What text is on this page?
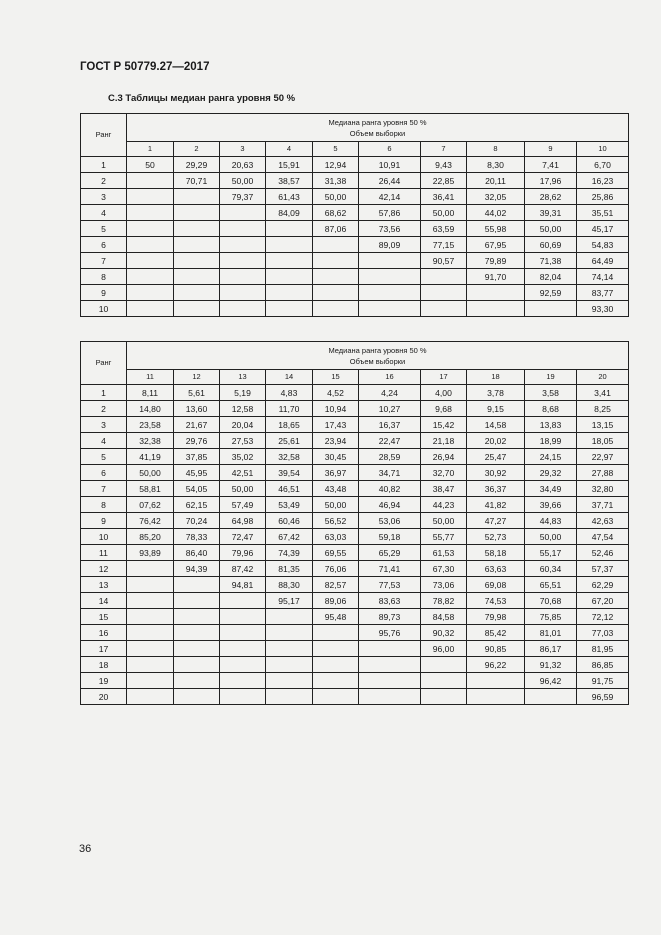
ГОСТ Р 50779.27—2017
С.3 Таблицы медиан ранга уровня 50 %
Ранг	Медиана ранга уровня 50 %
Объем выборки									

	1	2	3	4	5	6	7	8	9	10
1	50	29,29	20,63	15,91	12,94	10,91	9,43	8,30	7,41	6,70
2		70,71	50,00	38,57	31,38	26,44	22,85	20,11	17,96	16,23
3			79,37	61,43	50,00	42,14	36,41	32,05	28,62	25,86
4				84,09	68,62	57,86	50,00	44,02	39,31	35,51
5					87,06	73,56	63,59	55,98	50,00	45,17
6						89,09	77,15	67,95	60,69	54,83
7							90,57	79,89	71,38	64,49
8								91,70	82,04	74,14
9									92,59	83,77
10										93,30
Ранг	Медиана ранга уровня 50 %
Объем выборки									

	11	12	13	14	15	16	17	18	19	20
1	8,11	5,61	5,19	4,83	4,52	4,24	4,00	3,78	3,58	3,41
2	14,80	13,60	12,58	11,70	10,94	10,27	9,68	9,15	8,68	8,25
3	23,58	21,67	20,04	18,65	17,43	16,37	15,42	14,58	13,83	13,15
4	32,38	29,76	27,53	25,61	23,94	22,47	21,18	20,02	18,99	18,05
5	41,19	37,85	35,02	32,58	30,45	28,59	26,94	25,47	24,15	22,97
6	50,00	45,95	42,51	39,54	36,97	34,71	32,70	30,92	29,32	27,88
7	58,81	54,05	50,00	46,51	43,48	40,82	38,47	36,37	34,49	32,80
8	07,62	62,15	57,49	53,49	50,00	46,94	44,23	41,82	39,66	37,71
9	76,42	70,24	64,98	60,46	56,52	53,06	50,00	47,27	44,83	42,63
10	85,20	78,33	72,47	67,42	63,03	59,18	55,77	52,73	50,00	47,54
11	93,89	86,40	79,96	74,39	69,55	65,29	61,53	58,18	55,17	52,46
12		94,39	87,42	81,35	76,06	71,41	67,30	63,63	60,34	57,37
13			94,81	88,30	82,57	77,53	73,06	69,08	65,51	62,29
14				95,17	89,06	83,63	78,82	74,53	70,68	67,20
15					95,48	89,73	84,58	79,98	75,85	72,12
16						95,76	90,32	85,42	81,01	77,03
17							96,00	90,85	86,17	81,95
18								96,22	91,32	86,85
19									96,42	91,75
20										96,59
36
